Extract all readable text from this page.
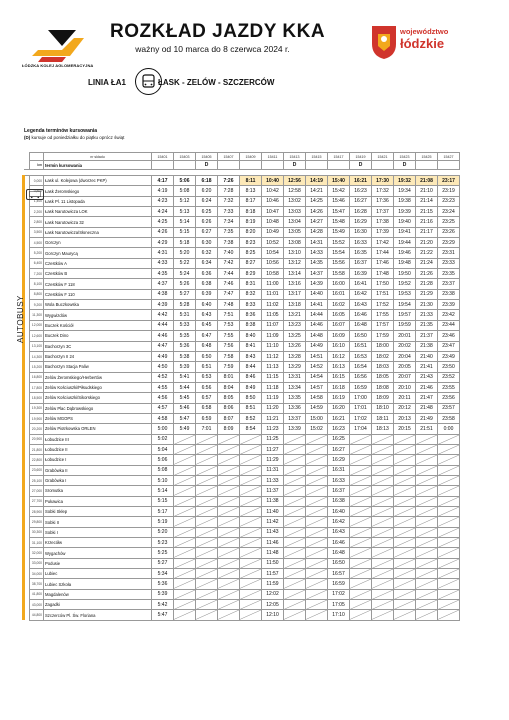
ŁÓDZKA KOLEJ AGLOMERACYJNA
ROZKŁAD JAZDY KKA
ważny od 10 marca do 8 czerwca 2024 r.
województwo
łódzkie
LINIA ŁA1	ŁASK - ZELÓW - SZCZERCÓW
Legenda terminów kursowania
(D) kursuje od poniedziałku do piątku oprócz świąt
		nr składu	15401	15403	15405	15407	15409	15411	15413	15415	15417	15419	15421	15423	15425	15427
	km	termin kursowania			D				D			D		D		

AUTOBUSY	0,000	Łask ul. Kolejowa (dworzec PKP)	4:17	5:06	6:18	7:26	8:11	10:40	12:56	14:19	15:40	16:21	17:30	19:32	21:08	23:17
	0,800	Łask Żeromskiego	4:19	5:08	6:20	7:28	8:13	10:42	12:58	14:21	15:42	16:23	17:32	19:34	21:10	23:19
	1,400	Łask Pl. 11 Listopada	4:23	5:12	6:24	7:32	8:17	10:46	13:02	14:25	15:46	16:27	17:36	19:38	21:14	23:23
	2,200	Łask Narutowicza LOK	4:24	5:13	6:25	7:33	8:18	10:47	13:03	14:26	15:47	16:28	17:37	19:39	21:15	23:24
	2,800	Łask Narutowicza 32	4:25	5:14	6:26	7:34	8:19	10:48	13:04	14:27	15:48	16:29	17:38	19:40	21:16	23:25
	3,500	Łask Narutowicza/Słoneczna	4:26	5:15	6:27	7:35	8:20	10:49	13:05	14:28	15:49	16:30	17:39	19:41	21:17	23:26
	4,500	Gorczyn	4:29	5:18	6:30	7:38	8:23	10:52	13:08	14:31	15:52	16:33	17:42	19:44	21:20	23:29
	5,200	Gorczyn Maurycą	4:31	5:20	6:32	7:40	8:25	10:54	13:10	14:33	15:54	16:35	17:44	19:46	21:22	23:31
	6,400	Czestków A	4:33	5:22	6:34	7:42	8:27	10:56	13:12	14:35	15:56	16:37	17:46	19:48	21:24	23:33
	7,200	Czestków B	4:35	5:24	6:36	7:44	8:29	10:58	13:14	14:37	15:58	16:39	17:48	19:50	21:26	23:35
	8,100	Czestków F 118	4:37	5:26	6:38	7:46	8:31	11:00	13:16	14:39	16:00	16:41	17:50	19:52	21:28	23:37
	8,800	Czestków F 110	4:38	5:27	6:39	7:47	8:32	11:01	13:17	14:40	16:01	16:42	17:51	19:53	21:29	23:38
	9,200	Wola Buczkowska	4:39	5:28	6:40	7:48	8:33	11:02	13:18	14:41	16:02	16:43	17:52	19:54	21:30	23:39
	11,300	Wygwizdów	4:42	5:31	6:43	7:51	8:36	11:05	13:21	14:44	16:05	16:46	17:55	19:57	21:33	23:42
	12,000	Buczek Kościół	4:44	5:33	6:45	7:53	8:38	11:07	13:23	14:46	16:07	16:48	17:57	19:59	21:35	23:44
	12,600	Buczek Dino	4:46	5:35	6:47	7:55	8:40	11:09	13:25	14:48	16:09	16:50	17:59	20:01	21:37	23:46
	13,100	Bachorzyn 3C	4:47	5:36	6:48	7:56	8:41	11:10	13:26	14:49	16:10	16:51	18:00	20:02	21:38	23:47
	14,300	Bachorzyn II 24	4:49	5:38	6:50	7:58	8:43	11:12	13:28	14:51	16:12	16:53	18:02	20:04	21:40	23:49
	15,200	Bachorzyn Stacja Paliw	4:50	5:39	6:51	7:59	8:44	11:13	13:29	14:52	16:13	16:54	18:03	20:05	21:41	23:50
	16,800	Zelów Żeromskiego/Herbertów	4:52	5:41	6:53	8:01	8:46	11:15	13:31	14:54	16:15	16:56	18:05	20:07	21:43	23:52
	17,800	Zelów Kościuszki/Piłsudskiego	4:55	5:44	6:56	8:04	8:49	11:18	13:34	14:57	16:18	16:59	18:08	20:10	21:46	23:55
	18,500	Zelów Kościuszki/Sikorskiego	4:56	5:45	6:57	8:05	8:50	11:19	13:35	14:58	16:19	17:00	18:09	20:11	21:47	23:56
	19,300	Zelów Plac Dąbrowskiego	4:57	5:46	6:58	8:06	8:51	11:20	13:36	14:59	16:20	17:01	18:10	20:12	21:48	23:57
	19,900	Zelów MGOPS	4:58	5:47	6:59	8:07	8:52	11:21	13:37	15:00	16:21	17:02	18:11	20:13	21:49	23:58
	20,200	Zelów Piotrkowska ORLEN	5:00	5:49	7:01	8:09	8:54	11:23	13:39	15:02	16:23	17:04	18:13	20:15	21:51	0:00
	20,900	Łobudzice III	5:02					11:25			16:25	

	21,800	Łobudzice II	5:04					11:27			16:27	

	22,800	Łobudzice I	5:06					11:29			16:29	

	23,600	Grabówka II	5:08					11:31			16:31	

	25,100	Grabówka I	5:10					11:33			16:33	

	27,000	Sromutka	5:14					11:37			16:37	

	27,700	Pukawica	5:15					11:38			16:38	

	28,900	Sobki Skłep	5:17					11:40			16:40	

	29,800	Sobki II	5:19					11:42			16:42	

	30,300	Sobki I	5:20					11:43			16:43	

	31,100	Krzecółw	5:23					11:46			16:46	

	32,000	Wygachów	5:25					11:48			16:48	

	33,000	Podusie	5:27					11:50			16:50	

	34,000	Lubiec	5:34					11:57			16:57	

	38,700	Lubiec Szkoła	5:36					11:59			16:59	

	41,800	Magdalenów	5:39					12:02			17:02	

	43,000	Zagadki	5:42					12:05			17:05	

	44,800	Szczerców Pl. Św. Floriana	5:47					12:10			17:10	
